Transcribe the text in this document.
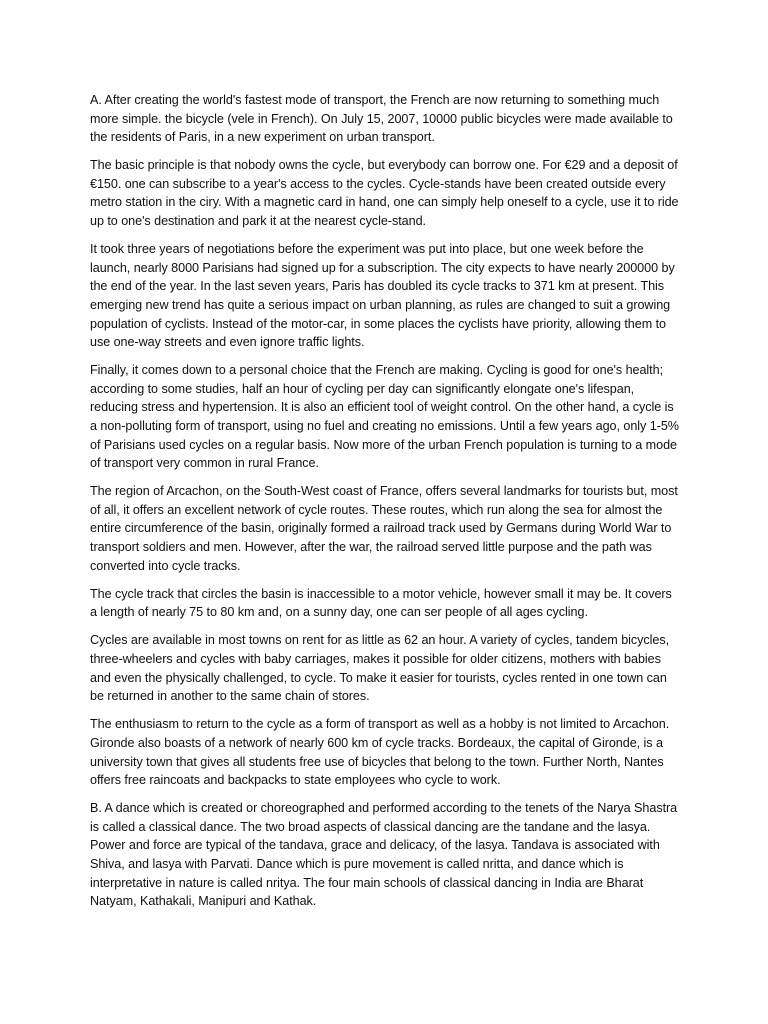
A. After creating the world's fastest mode of transport, the French are now returning to something much more simple. the bicycle (vele in French). On July 15, 2007, 10000 public bicycles were made available to the residents of Paris, in a new experiment on urban transport.

The basic principle is that nobody owns the cycle, but everybody can borrow one. For €29 and a deposit of €150. one can subscribe to a year's access to the cycles. Cycle-stands have been created outside every metro station in the ciry. With a magnetic card in hand, one can simply help oneself to a cycle, use it to ride up to one's destination and park it at the nearest cycle-stand.

It took three years of negotiations before the experiment was put into place, but one week before the launch, nearly 8000 Parisians had signed up for a subscription. The city expects to have nearly 200000 by the end of the year. In the last seven years, Paris has doubled its cycle tracks to 371 km at present. This emerging new trend has quite a serious impact on urban planning, as rules are changed to suit a growing population of cyclists. Instead of the motor-car, in some places the cyclists have priority, allowing them to use one-way streets and even ignore traffic lights.

Finally, it comes down to a personal choice that the French are making. Cycling is good for one's health; according to some studies, half an hour of cycling per day can significantly elongate one's lifespan, reducing stress and hypertension. It is also an efficient tool of weight control. On the other hand, a cycle is a non-polluting form of transport, using no fuel and creating no emissions. Until a few years ago, only 1-5% of Parisians used cycles on a regular basis. Now more of the urban French population is turning to a mode of transport very common in rural France.

The region of Arcachon, on the South-West coast of France, offers several landmarks for tourists but, most of all, it offers an excellent network of cycle routes. These routes, which run along the sea for almost the entire circumference of the basin, originally formed a railroad track used by Germans during World War to transport soldiers and men. However, after the war, the railroad served little purpose and the path was converted into cycle tracks.

The cycle track that circles the basin is inaccessible to a motor vehicle, however small it may be. It covers a length of nearly 75 to 80 km and, on a sunny day, one can ser people of all ages cycling.

Cycles are available in most towns on rent for as little as 62 an hour. A variety of cycles, tandem bicycles, three-wheelers and cycles with baby carriages, makes it possible for older citizens, mothers with babies and even the physically challenged, to cycle. To make it easier for tourists, cycles rented in one town can be returned in another to the same chain of stores.

The enthusiasm to return to the cycle as a form of transport as well as a hobby is not limited to Arcachon. Gironde also boasts of a network of nearly 600 km of cycle tracks. Bordeaux, the capital of Gironde, is a university town that gives all students free use of bicycles that belong to the town. Further North, Nantes offers free raincoats and backpacks to state employees who cycle to work.

B. A dance which is created or choreographed and performed according to the tenets of the Narya Shastra is called a classical dance. The two broad aspects of classical dancing are the tandane and the lasya. Power and force are typical of the tandava, grace and delicacy, of the lasya. Tandava is associated with Shiva, and lasya with Parvati. Dance which is pure movement is called nritta, and dance which is interpretative in nature is called nritya. The four main schools of classical dancing in India are Bharat Natyam, Kathakali, Manipuri and Kathak.
